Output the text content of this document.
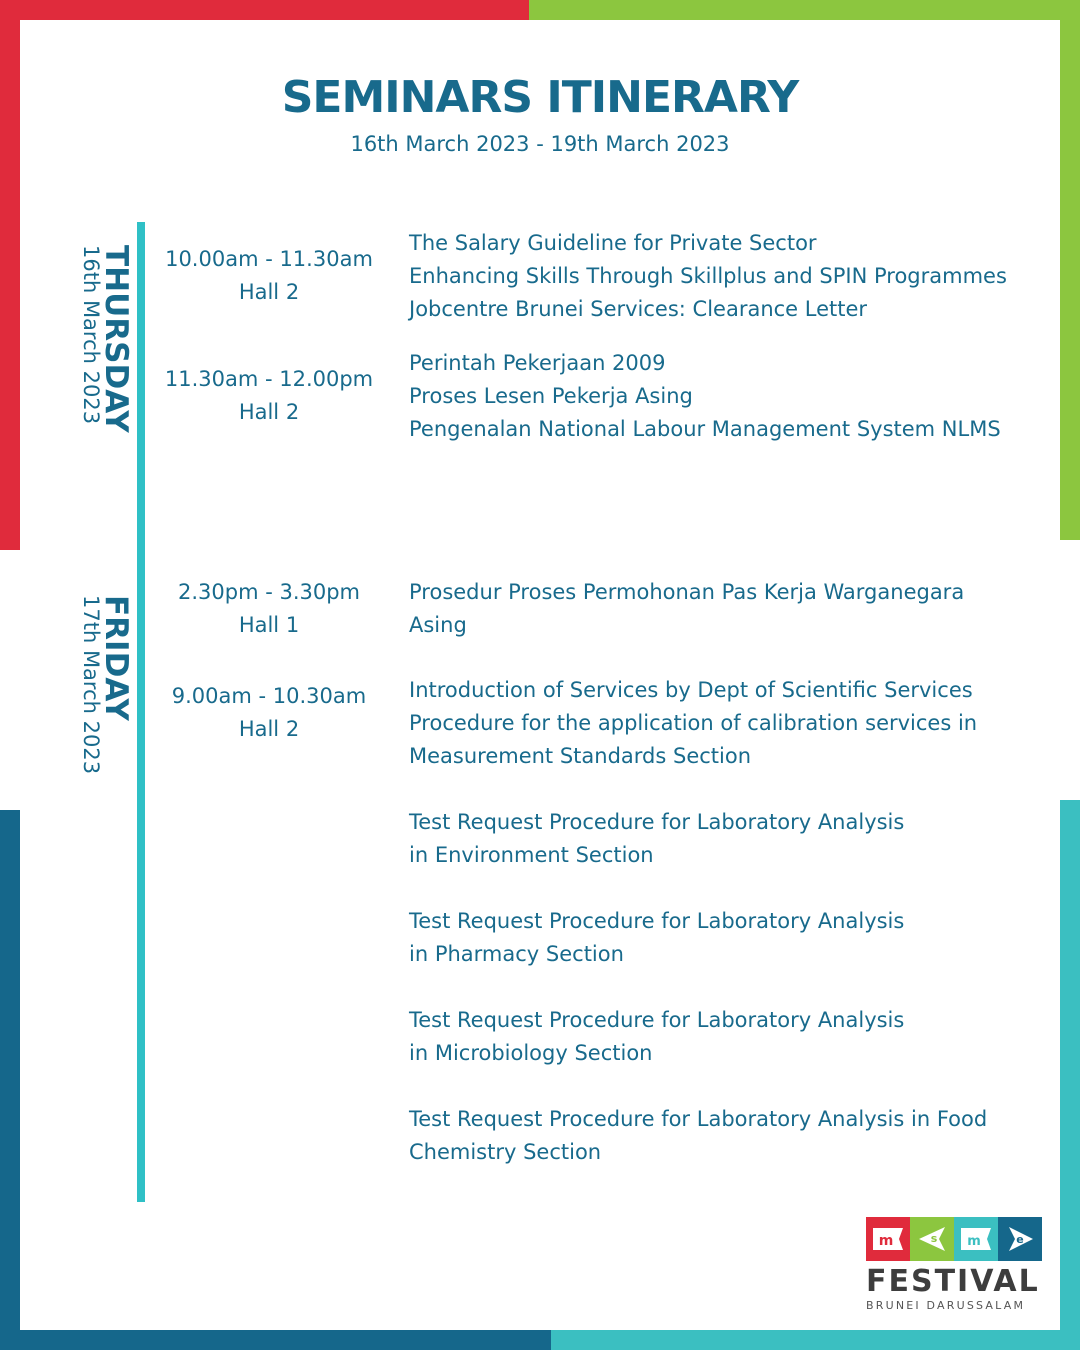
SEMINARS ITINERARY
16th March 2023 - 19th March 2023
THURSDAY
16th March 2023
FRIDAY
17th March 2023
10.00am - 11.30am
Hall 2
The Salary Guideline for Private Sector
Enhancing Skills Through Skillplus and SPIN Programmes
Jobcentre Brunei Services: Clearance Letter
11.30am - 12.00pm
Hall 2
Perintah Pekerjaan 2009
Proses Lesen Pekerja Asing
Pengenalan National Labour Management System NLMS
2.30pm - 3.30pm
Hall 1
Prosedur Proses Permohonan Pas Kerja Warganegara Asing
9.00am - 10.30am
Hall 2
Introduction of Services by Dept of Scientific Services
Procedure for the application of calibration services in Measurement Standards Section
Test Request Procedure for Laboratory Analysis in Environment Section
Test Request Procedure for Laboratory Analysis in Pharmacy Section
Test Request Procedure for Laboratory Analysis in Microbiology Section
Test Request Procedure for Laboratory Analysis in Food Chemistry Section
m	s m	e
FESTIVAL
BRUNEI DARUSSALAM
